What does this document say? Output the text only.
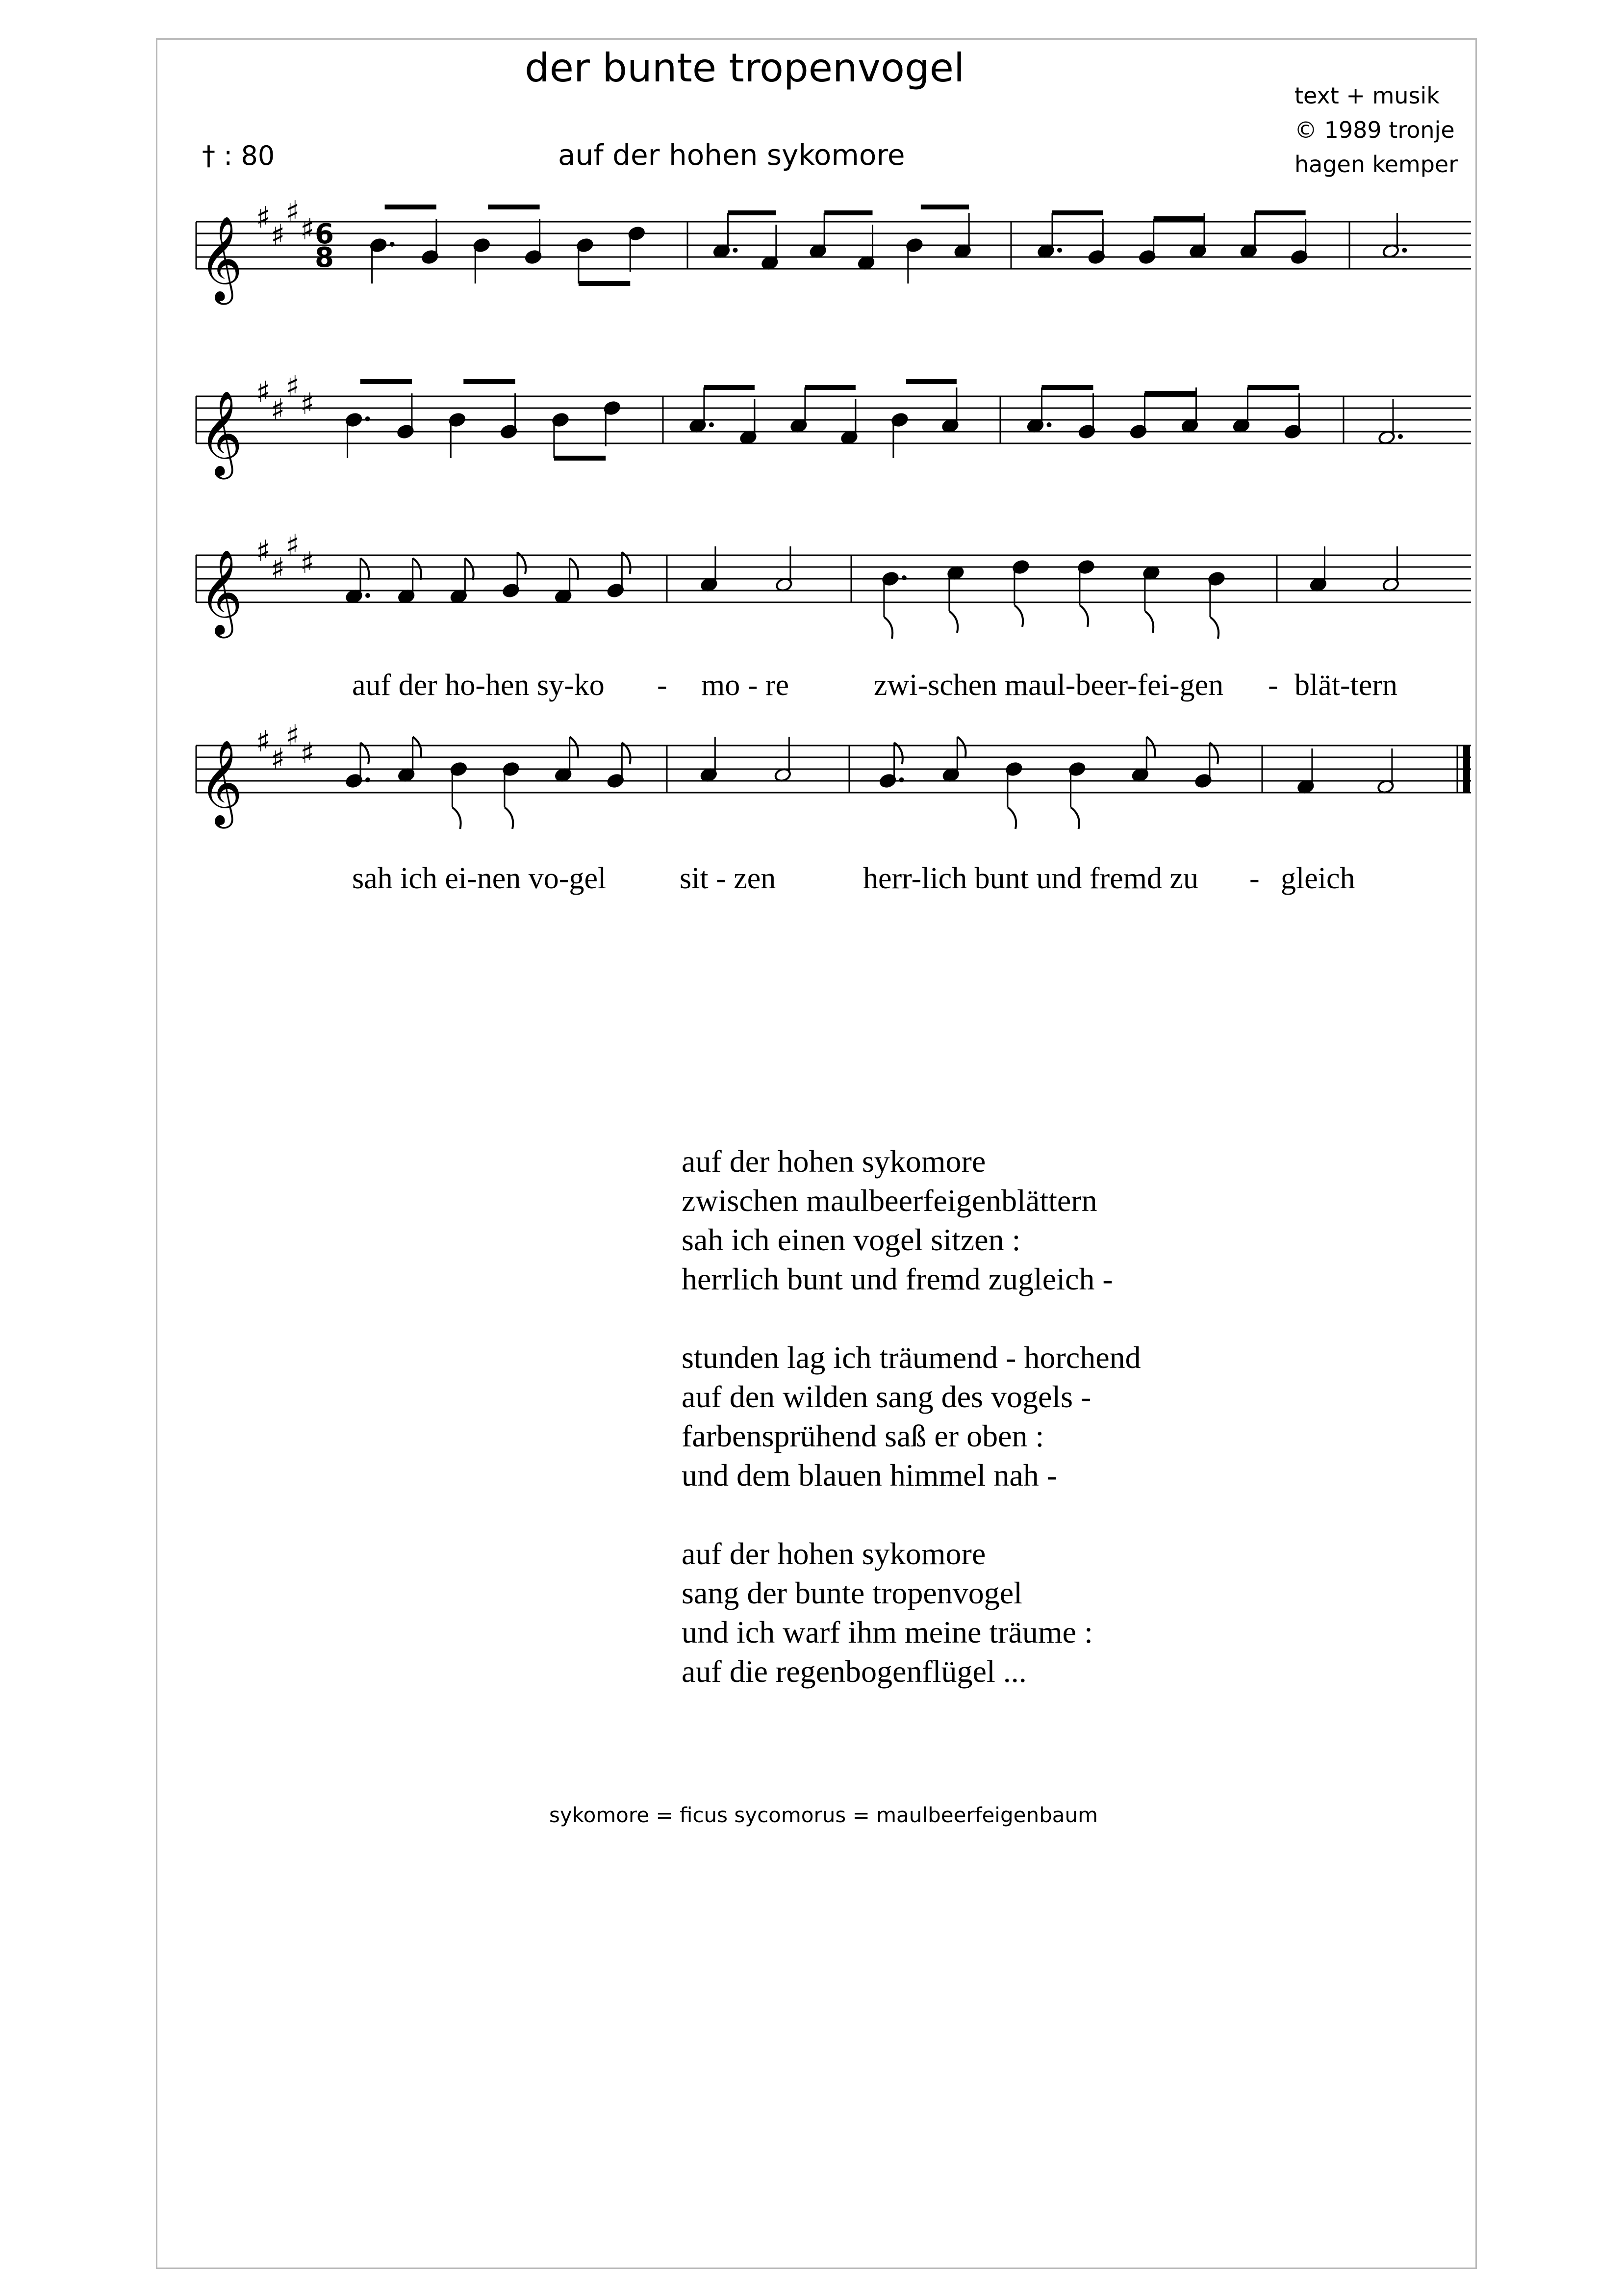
der bunte tropenvogel
text + musik
© 1989 tronje
hagen kemper
† : 80	auf der hohen sykomore
𝄞 ♯
♯
♯
♯ 6
8
𝄞 ♯
♯
♯
♯
𝄞 ♯
♯
♯
♯
𝄞 ♯
♯
♯
♯
auf der ho-hen sy-ko - mo - re	zwi-schen maul-beer-fei-gen - blät-tern
sah ich ei-nen vo-gel sit - zen	herr-lich bunt und fremd zu - gleich
auf der hohen sykomore
zwischen maulbeerfeigenblättern
sah ich einen vogel sitzen :
herrlich bunt und fremd zugleich -
stunden lag ich träumend - horchend
auf den wilden sang des vogels -
farbensprühend saß er oben :
und dem blauen himmel nah -
auf der hohen sykomore
sang der bunte tropenvogel
und ich warf ihm meine träume :
auf die regenbogenflügel ...
sykomore = ficus sycomorus = maulbeerfeigenbaum
